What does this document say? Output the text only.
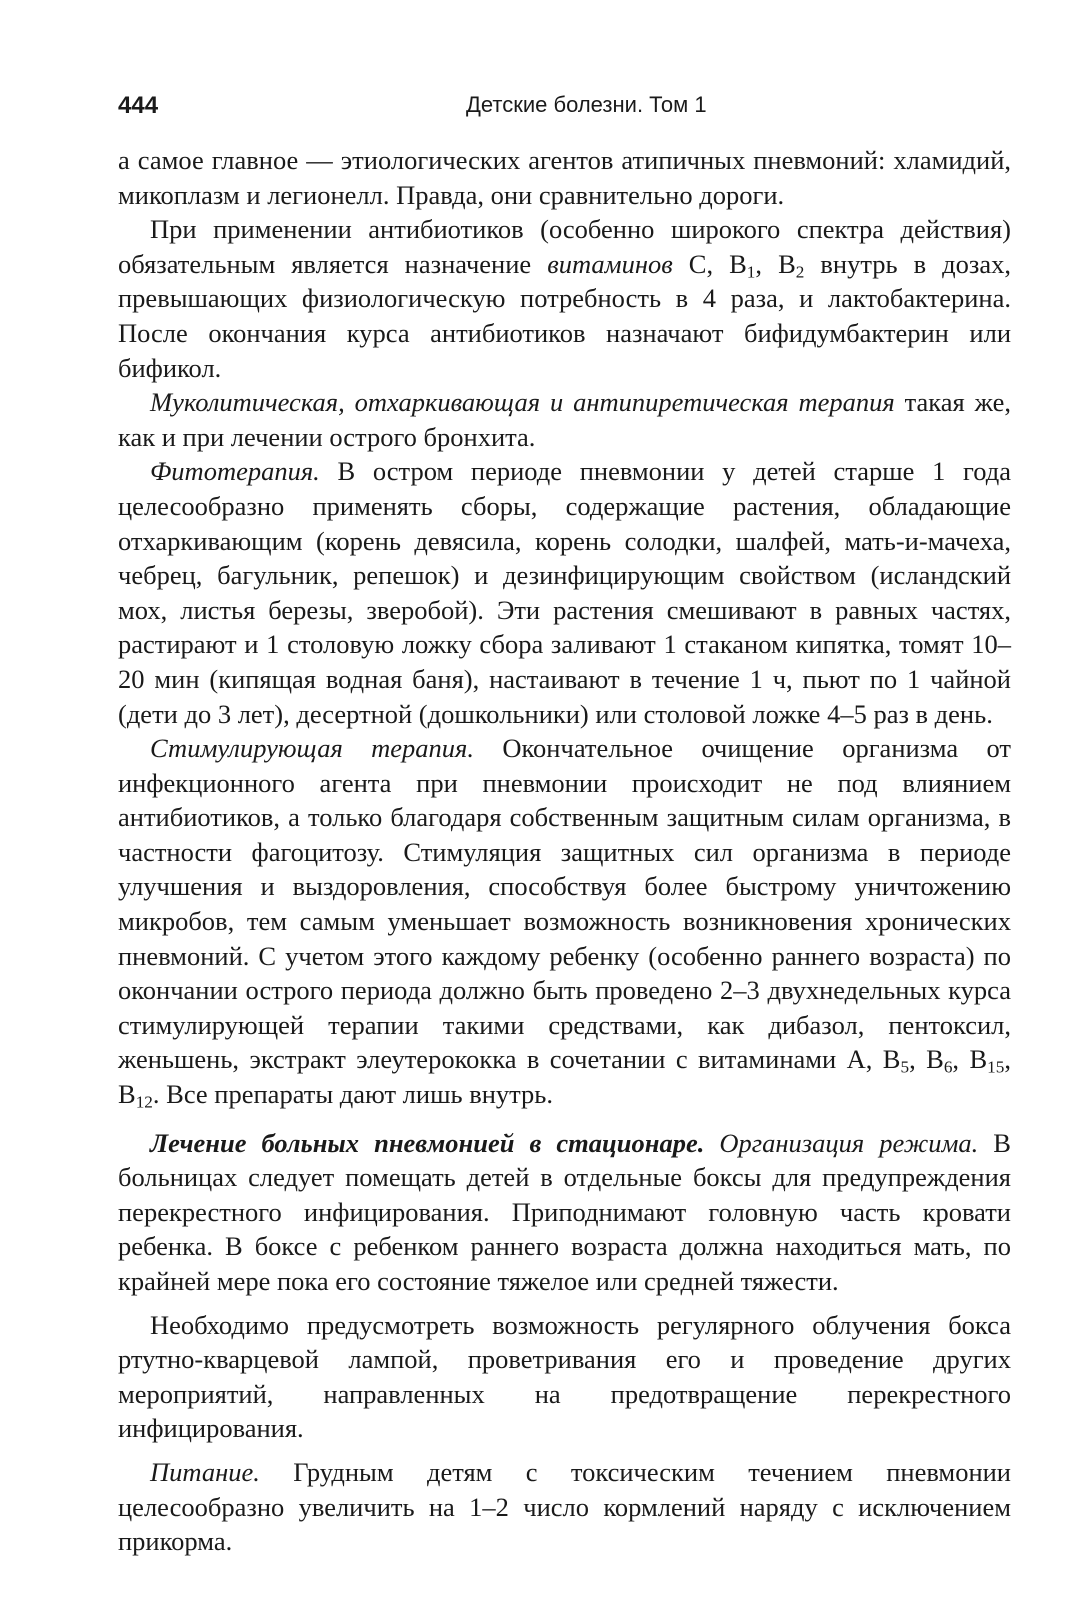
444	Детские болезни. Том 1

а самое главное — этиологических агентов атипичных пневмоний: хламидий, микоплазм и легионелл. Правда, они сравнительно дороги.

При применении антибиотиков (особенно широкого спектра действия) обязательным является назначение витаминов С, $В_1$, $В_2$ внутрь в дозах, превышающих физиологическую потребность в 4 раза, и лактобактерина. После окончания курса антибиотиков назначают бифидумбактерин или бификол.

Муколитическая, отхаркивающая и антипиретическая терапия такая же, как и при лечении острого бронхита.

Фитотерапия. В остром периоде пневмонии у детей старше 1 года целесообразно применять сборы, содержащие растения, обладающие отхаркивающим (корень девясила, корень солодки, шалфей, мать-и-мачеха, чебрец, багульник, репешок) и дезинфицирующим свойством (исландский мох, листья березы, зверобой). Эти растения смешивают в равных частях, растирают и 1 столовую ложку сбора заливают 1 стаканом кипятка, томят 10–20 мин (кипящая водная баня), настаивают в течение 1 ч, пьют по 1 чайной (дети до 3 лет), десертной (дошкольники) или столовой ложке 4–5 раз в день.

Стимулирующая терапия. Окончательное очищение организма от инфекционного агента при пневмонии происходит не под влиянием антибиотиков, а только благодаря собственным защитным силам организма, в частности фагоцитозу. Стимуляция защитных сил организма в периоде улучшения и выздоровления, способствуя более быстрому уничтожению микробов, тем самым уменьшает возможность возникновения хронических пневмоний. С учетом этого каждому ребенку (особенно раннего возраста) по окончании острого периода должно быть проведено 2–3 двухнедельных курса стимулирующей терапии такими средствами, как дибазол, пентоксил, женьшень, экстракт элеутерококка в сочетании с витаминами А, $В_5$, $В_6$, $В_{15}$, $В_{12}$. Все препараты дают лишь внутрь.

Лечение больных пневмонией в стационаре. Организация режима. В больницах следует помещать детей в отдельные боксы для предупреждения перекрестного инфицирования. Приподнимают головную часть кровати ребенка. В боксе с ребенком раннего возраста должна находиться мать, по крайней мере пока его состояние тяжелое или средней тяжести.

Необходимо предусмотреть возможность регулярного облучения бокса ртутно-кварцевой лампой, проветривания его и проведение других мероприятий, направленных на предотвращение перекрестного инфицирования.

Питание. Грудным детям с токсическим течением пневмонии целесообразно увеличить на 1–2 число кормлений наряду с исключением прикорма.
